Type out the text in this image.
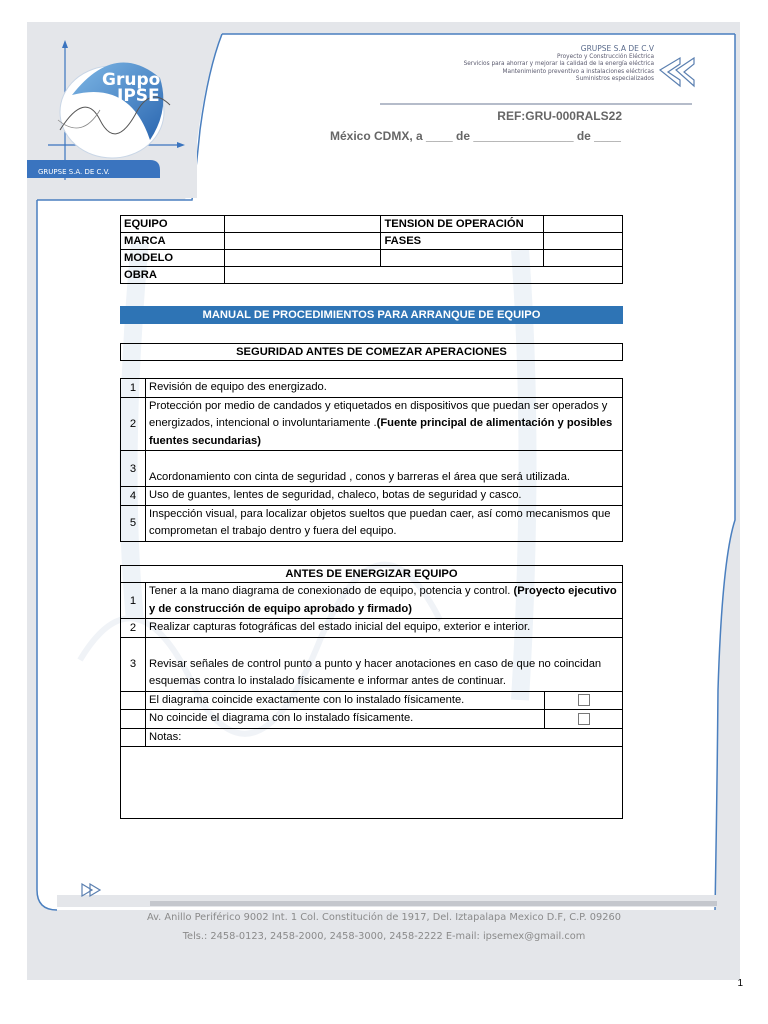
Grupo
IPSE
GRUPSE S.A. DE C.V.
GRUPSE S.A DE C.V
Proyecto y Construcción Eléctrica
Servicios para ahorrar y mejorar la calidad de la energía eléctrica
Mantenimiento preventivo a instalaciones eléctricas
Suministros especializados
REF:GRU-000RALS22
México CDMX, a ____ de _______________ de ____
EQUIPO		TENSION DE OPERACIÓN	
MARCA		FASES	
MODELO			
OBRA			
MANUAL DE PROCEDIMIENTOS PARA ARRANQUE DE EQUIPO
SEGURIDAD ANTES DE COMEZAR APERACIONES
1	Revisión de equipo des energizado.
2	Protección por medio de candados y etiquetados en dispositivos que puedan ser operados y energizados, intencional o involuntariamente .(Fuente principal de alimentación y posibles fuentes secundarias)
3	Acordonamiento con cinta de seguridad , conos y barreras el área que será utilizada.
4	Uso de guantes, lentes de seguridad, chaleco, botas de seguridad y casco.
5	Inspección visual, para localizar objetos sueltos que puedan caer, así como mecanismos que comprometan el trabajo dentro y fuera del equipo.
ANTES DE ENERGIZAR EQUIPO		
1	Tener a la mano diagrama de conexionado de equipo, potencia y control. (Proyecto ejecutivo y de construcción de equipo aprobado y firmado)	
2	Realizar capturas fotográficas del estado inicial del equipo, exterior e interior.	
3	Revisar señales de control punto a punto y hacer anotaciones en caso de que no coincidan esquemas contra lo instalado físicamente e informar antes de continuar.	
	El diagrama coincide exactamente con lo instalado físicamente.	
	No coincide el diagrama con lo instalado físicamente.	
	Notas:	

Av. Anillo Periférico 9002 Int. 1 Col. Constitución de 1917, Del. Iztapalapa Mexico D.F, C.P. 09260
Tels.: 2458-0123, 2458-2000, 2458-3000, 2458-2222 E-mail: ipsemex@gmail.com
1
